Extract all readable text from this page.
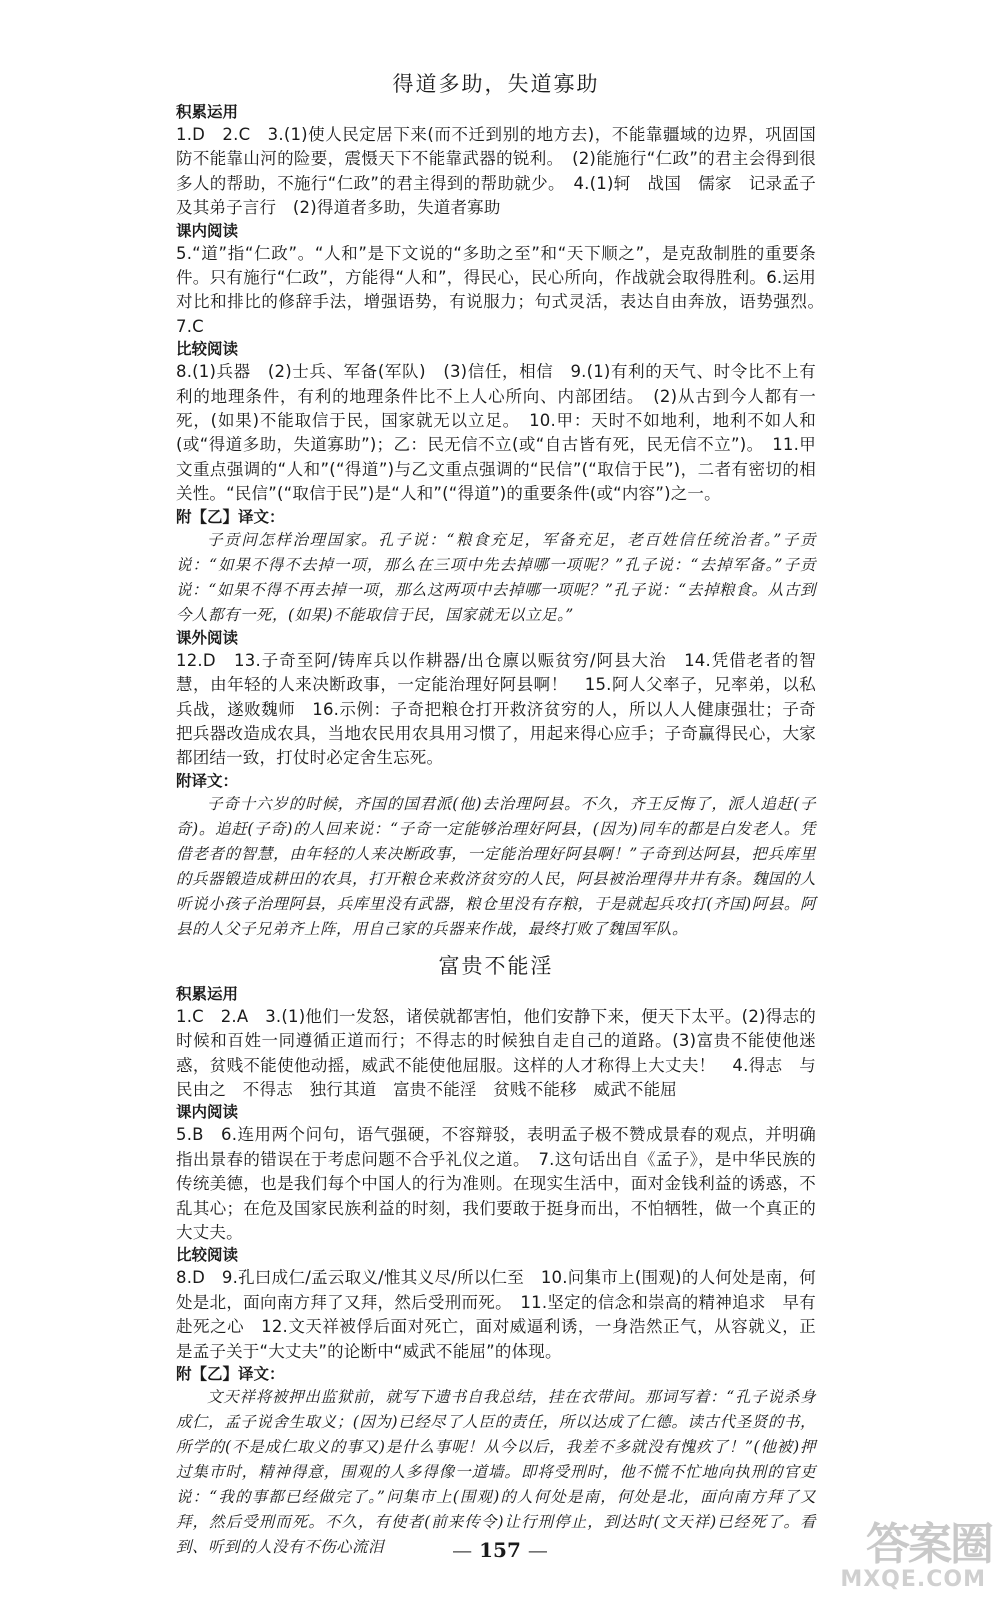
得道多助，失道寡助

积累运用

1.D　2.C　3.(1)使人民定居下来(而不迁到别的地方去)，不能靠疆域的边界，巩固国防不能靠山河的险要，震慑天下不能靠武器的锐利。　(2)能施行“仁政”的君主会得到很多人的帮助，不施行“仁政”的君主得到的帮助就少。　4.(1)轲　战国　儒家　记录孟子及其弟子言行　(2)得道者多助，失道者寡助

课内阅读

5.“道”指“仁政”。“人和”是下文说的“多助之至”和“天下顺之”，是克敌制胜的重要条件。只有施行“仁政”，方能得“人和”，得民心，民心所向，作战就会取得胜利。6.运用对比和排比的修辞手法，增强语势，有说服力；句式灵活，表达自由奔放，语势强烈。　7.C

比较阅读

8.(1)兵器　(2)士兵、军备(军队)　(3)信任，相信　9.(1)有利的天气、时令比不上有利的地理条件，有利的地理条件比不上人心所向、内部团结。　(2)从古到今人都有一死，(如果)不能取信于民，国家就无以立足。　10.甲：天时不如地利，地利不如人和(或“得道多助，失道寡助”)；乙：民无信不立(或“自古皆有死，民无信不立”)。　11.甲文重点强调的“人和”(“得道”)与乙文重点强调的“民信”(“取信于民”)，二者有密切的相关性。“民信”(“取信于民”)是“人和”(“得道”)的重要条件(或“内容”)之一。

附【乙】译文：

子贡问怎样治理国家。孔子说：“粮食充足，军备充足，老百姓信任统治者。”子贡说：“如果不得不去掉一项，那么在三项中先去掉哪一项呢？”孔子说：“去掉军备。”子贡说：“如果不得不再去掉一项，那么这两项中去掉哪一项呢？”孔子说：“去掉粮食。从古到今人都有一死，(如果)不能取信于民，国家就无以立足。”

课外阅读

12.D　13.子奇至阿/铸库兵以作耕器/出仓廪以赈贫穷/阿县大治　14.凭借老者的智慧，由年轻的人来决断政事，一定能治理好阿县啊！　15.阿人父率子，兄率弟，以私兵战，遂败魏师　16.示例：子奇把粮仓打开救济贫穷的人，所以人人健康强壮；子奇把兵器改造成农具，当地农民用农具用习惯了，用起来得心应手；子奇赢得民心，大家都团结一致，打仗时必定舍生忘死。

附译文：

子奇十六岁的时候，齐国的国君派(他)去治理阿县。不久，齐王反悔了，派人追赶(子奇)。追赶(子奇)的人回来说：“子奇一定能够治理好阿县，(因为)同车的都是白发老人。凭借老者的智慧，由年轻的人来决断政事，一定能治理好阿县啊！”子奇到达阿县，把兵库里的兵器锻造成耕田的农具，打开粮仓来救济贫穷的人民，阿县被治理得井井有条。魏国的人听说小孩子治理阿县，兵库里没有武器，粮仓里没有存粮，于是就起兵攻打(齐国)阿县。阿县的人父子兄弟齐上阵，用自己家的兵器来作战，最终打败了魏国军队。

富贵不能淫

积累运用

1.C　2.A　3.(1)他们一发怒，诸侯就都害怕，他们安静下来，便天下太平。(2)得志的时候和百姓一同遵循正道而行；不得志的时候独自走自己的道路。(3)富贵不能使他迷惑，贫贱不能使他动摇，威武不能使他屈服。这样的人才称得上大丈夫！　4.得志　与民由之　不得志　独行其道　富贵不能淫　贫贱不能移　威武不能屈

课内阅读

5.B　6.连用两个问句，语气强硬，不容辩驳，表明孟子极不赞成景春的观点，并明确指出景春的错误在于考虑问题不合乎礼仪之道。　7.这句话出自《孟子》，是中华民族的传统美德，也是我们每个中国人的行为准则。在现实生活中，面对金钱利益的诱惑，不乱其心；在危及国家民族利益的时刻，我们要敢于挺身而出，不怕牺牲，做一个真正的大丈夫。

比较阅读

8.D　9.孔曰成仁/孟云取义/惟其义尽/所以仁至　10.问集市上(围观)的人何处是南，何处是北，面向南方拜了又拜，然后受刑而死。　11.坚定的信念和崇高的精神追求　早有赴死之心　12.文天祥被俘后面对死亡，面对威逼利诱，一身浩然正气，从容就义，正是孟子关于“大丈夫”的论断中“威武不能屈”的体现。

附【乙】译文：

文天祥将被押出监狱前，就写下遗书自我总结，挂在衣带间。那词写着：“孔子说杀身成仁，孟子说舍生取义；(因为)已经尽了人臣的责任，所以达成了仁德。读古代圣贤的书，所学的(不是成仁取义的事又)是什么事呢！从今以后，我差不多就没有愧疚了！”(他被)押过集市时，精神得意，围观的人多得像一道墙。即将受刑时，他不慌不忙地向执刑的官吏说：“我的事都已经做完了。”问集市上(围观)的人何处是南，何处是北，面向南方拜了又拜，然后受刑而死。不久，有使者(前来传令)让行刑停止，到达时(文天祥)已经死了。看到、听到的人没有不伤心流泪	— 157 —	答案圈
MXQE.COM
